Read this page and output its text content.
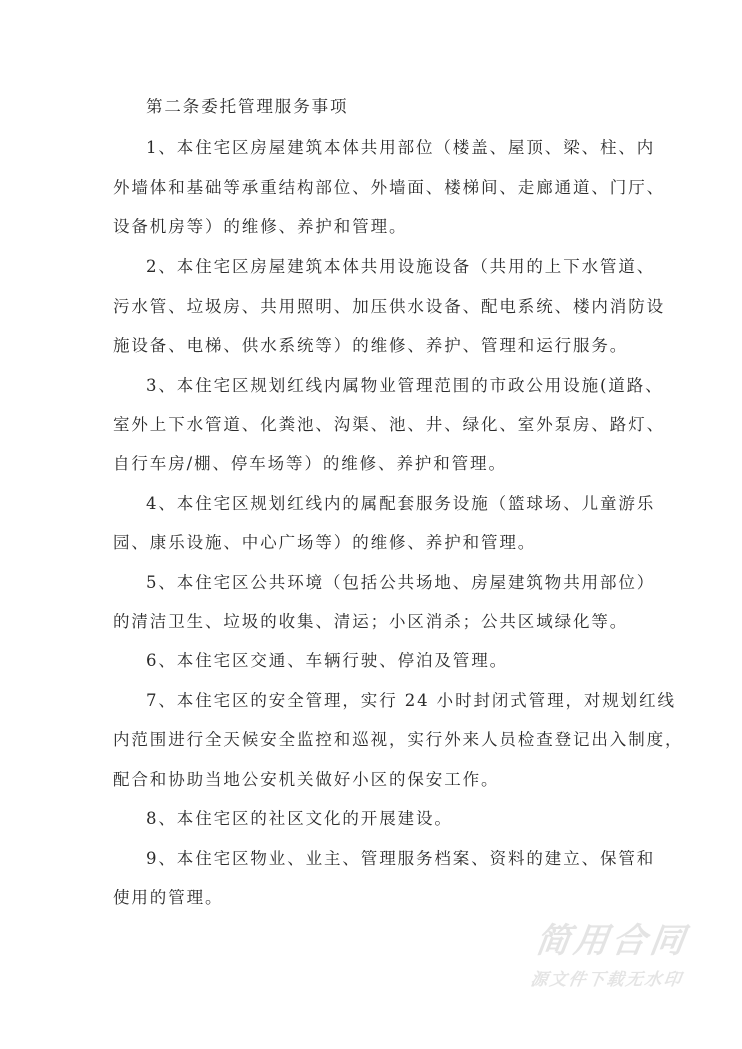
第二条委托管理服务事项
1、本住宅区房屋建筑本体共用部位（楼盖、屋顶、梁、柱、内
外墙体和基础等承重结构部位、外墙面、楼梯间、走廊通道、门厅、
设备机房等）的维修、养护和管理。
2、本住宅区房屋建筑本体共用设施设备（共用的上下水管道、
污水管、垃圾房、共用照明、加压供水设备、配电系统、楼内消防设
施设备、电梯、供水系统等）的维修、养护、管理和运行服务。
3、本住宅区规划红线内属物业管理范围的市政公用设施(道路、
室外上下水管道、化粪池、沟渠、池、井、绿化、室外泵房、路灯、
自行车房/棚、停车场等）的维修、养护和管理。
4、本住宅区规划红线内的属配套服务设施（篮球场、儿童游乐
园、康乐设施、中心广场等）的维修、养护和管理。
5、本住宅区公共环境（包括公共场地、房屋建筑物共用部位）
的清洁卫生、垃圾的收集、清运；小区消杀；公共区域绿化等。
6、本住宅区交通、车辆行驶、停泊及管理。
7、本住宅区的安全管理，实行 24 小时封闭式管理，对规划红线
内范围进行全天候安全监控和巡视，实行外来人员检查登记出入制度，
配合和协助当地公安机关做好小区的保安工作。
8、本住宅区的社区文化的开展建设。
9、本住宅区物业、业主、管理服务档案、资料的建立、保管和
使用的管理。
简用合同
源文件下载无水印
